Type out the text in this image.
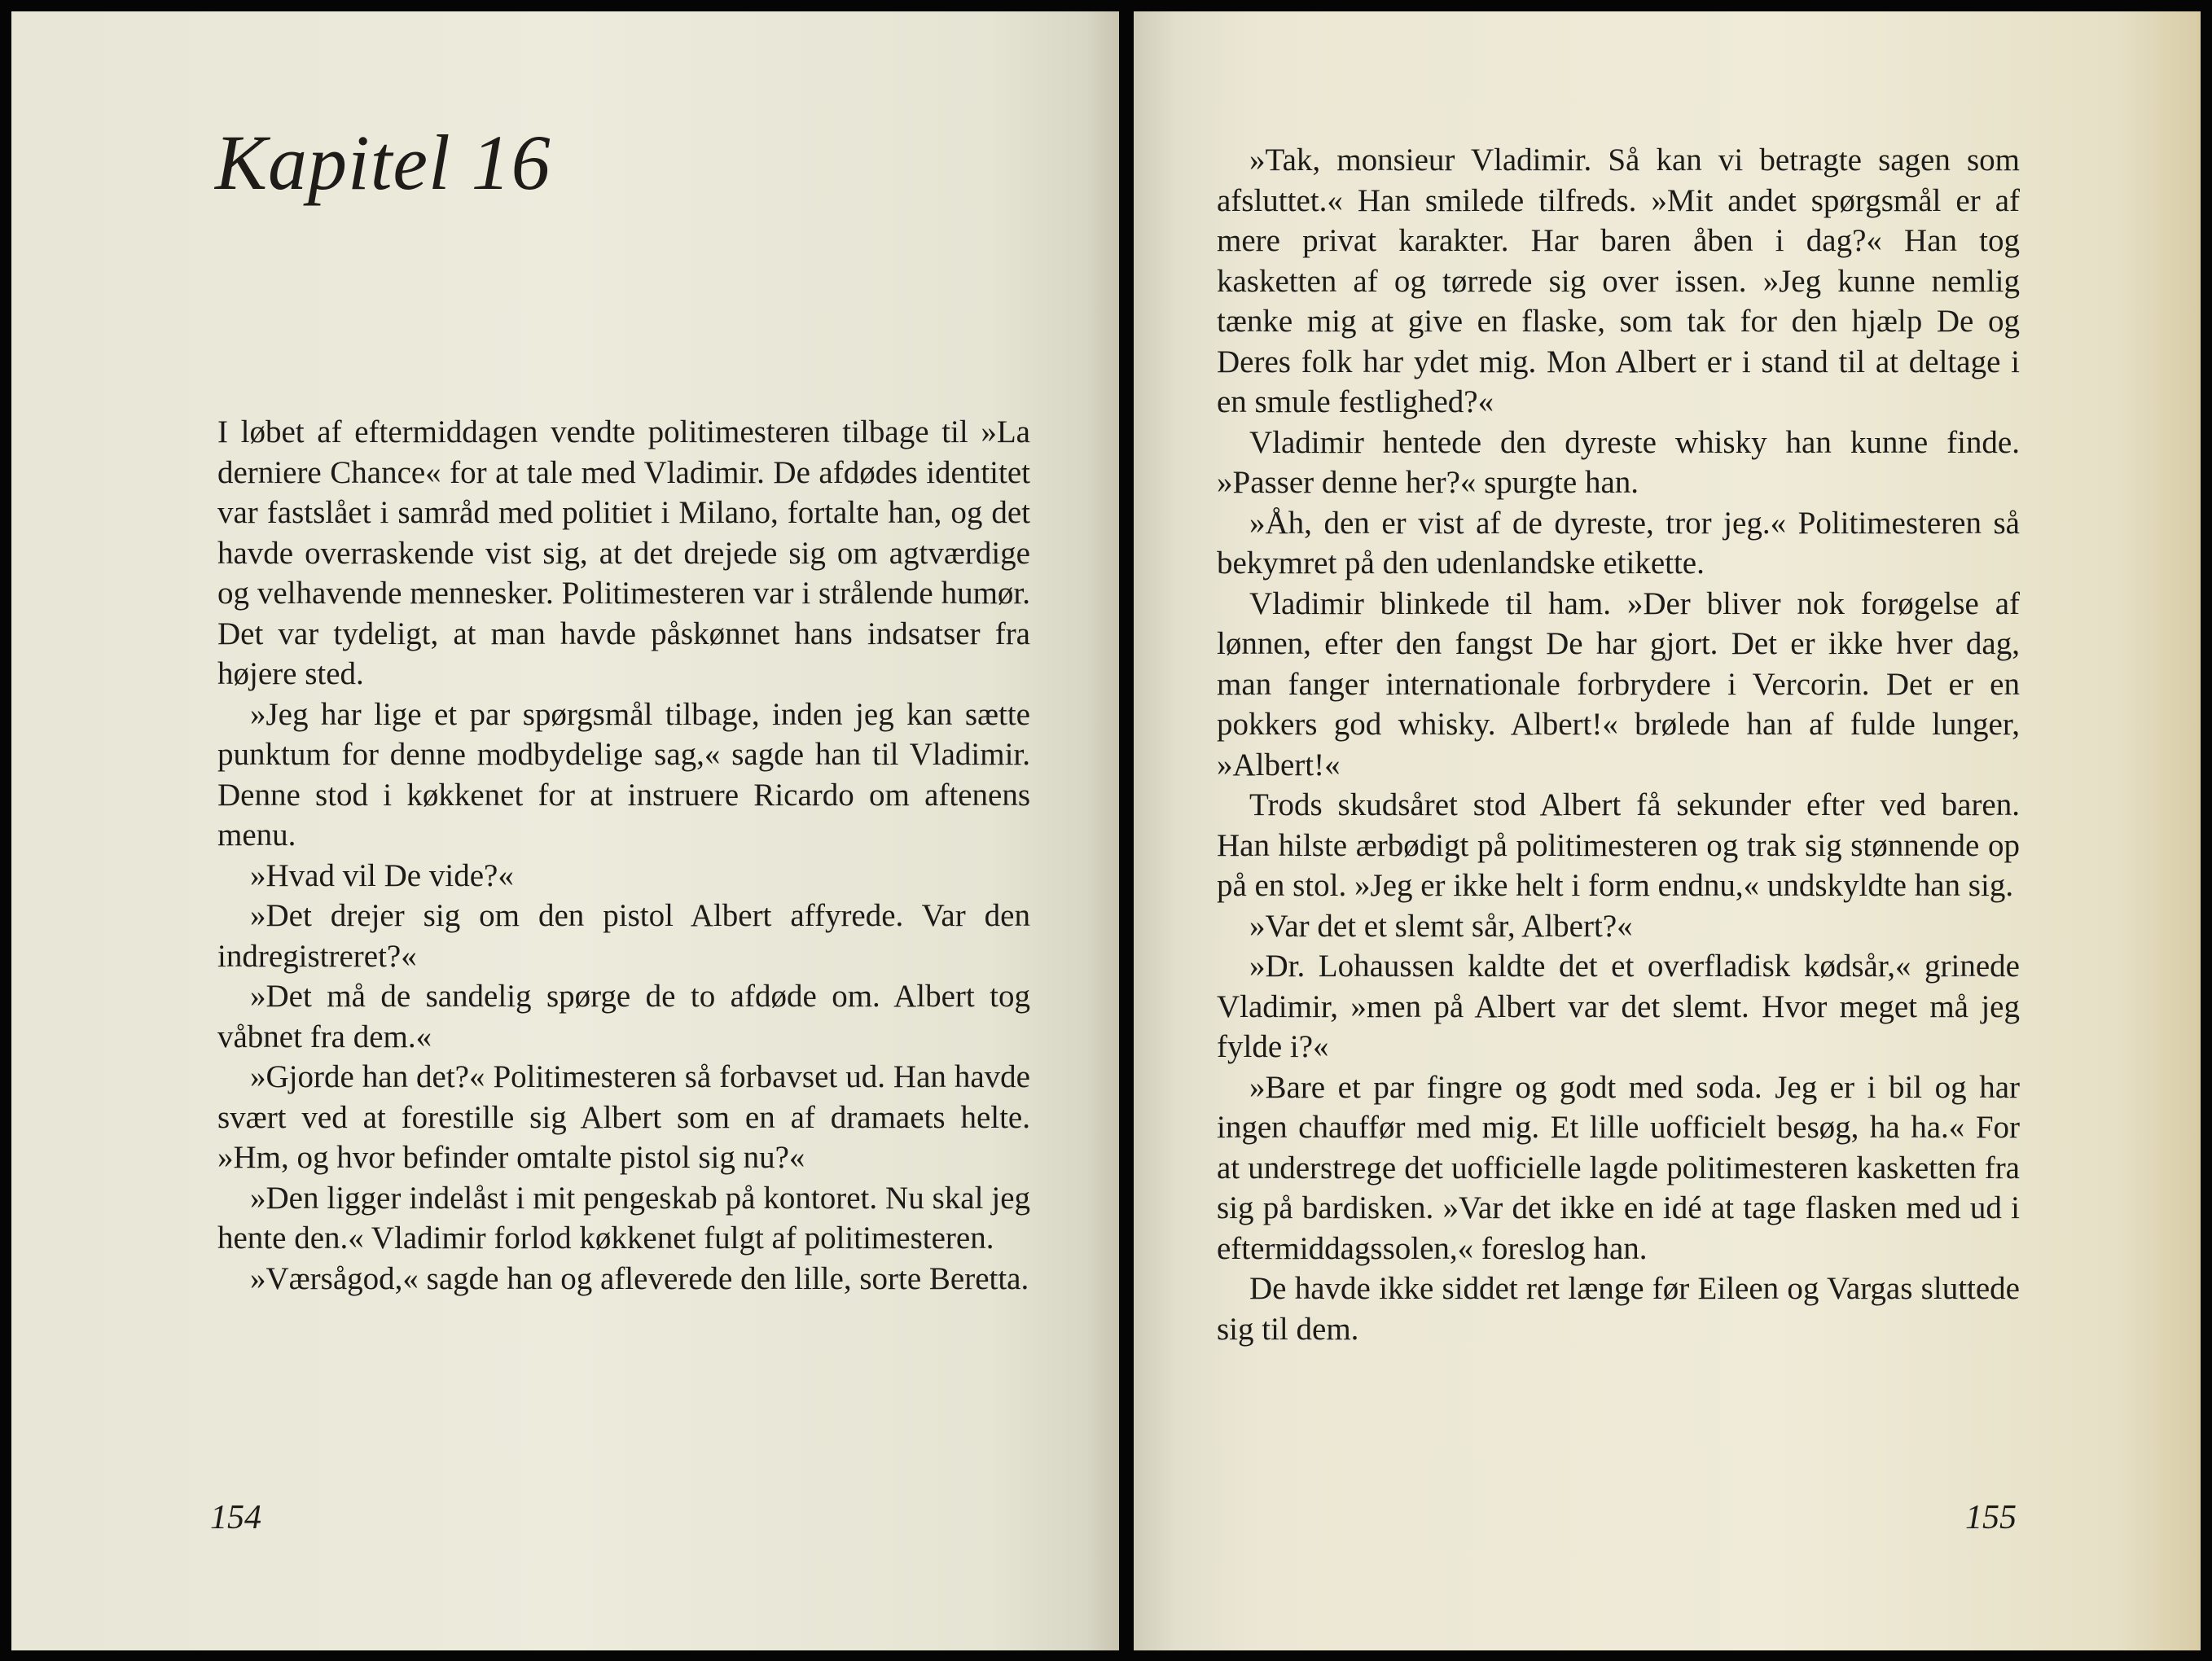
Kapitel 16

I løbet af eftermiddagen vendte politimesteren tilbage til »La derniere Chance« for at tale med Vladimir. De afdødes identitet var fastslået i samråd med politiet i Milano, fortalte han, og det havde overraskende vist sig, at det drejede sig om agtværdige og velhavende mennesker. Politimesteren var i strålende humør. Det var tydeligt, at man havde påskønnet hans indsatser fra højere sted.

»Jeg har lige et par spørgsmål tilbage, inden jeg kan sætte punktum for denne modbydelige sag,« sagde han til Vladimir. Denne stod i køkkenet for at instruere Ricardo om aftenens menu.

»Hvad vil De vide?«

»Det drejer sig om den pistol Albert affyrede. Var den indregistreret?«

»Det må de sandelig spørge de to afdøde om. Albert tog våbnet fra dem.«

»Gjorde han det?« Politimesteren så forbavset ud. Han havde svært ved at forestille sig Albert som en af dramaets helte. »Hm, og hvor befinder omtalte pistol sig nu?«

»Den ligger indelåst i mit pengeskab på kontoret. Nu skal jeg hente den.« Vladimir forlod køkkenet fulgt af politimesteren.

»Værsågod,« sagde han og afleverede den lille, sorte Beretta.

154

»Tak, monsieur Vladimir. Så kan vi betragte sagen som afsluttet.« Han smilede tilfreds. »Mit andet spørgsmål er af mere privat karakter. Har baren åben i dag?« Han tog kasketten af og tørrede sig over issen. »Jeg kunne nemlig tænke mig at give en flaske, som tak for den hjælp De og Deres folk har ydet mig. Mon Albert er i stand til at deltage i en smule festlighed?«

Vladimir hentede den dyreste whisky han kunne finde. »Passer denne her?« spurgte han.

»Åh, den er vist af de dyreste, tror jeg.« Politimesteren så bekymret på den udenlandske etikette.

Vladimir blinkede til ham. »Der bliver nok forøgelse af lønnen, efter den fangst De har gjort. Det er ikke hver dag, man fanger internationale forbrydere i Vercorin. Det er en pokkers god whisky. Albert!« brølede han af fulde lunger, »Albert!«

Trods skudsåret stod Albert få sekunder efter ved baren. Han hilste ærbødigt på politimesteren og trak sig stønnende op på en stol. »Jeg er ikke helt i form endnu,« undskyldte han sig.

»Var det et slemt sår, Albert?«

»Dr. Lohaussen kaldte det et overfladisk kødsår,« grinede Vladimir, »men på Albert var det slemt. Hvor meget må jeg fylde i?«

»Bare et par fingre og godt med soda. Jeg er i bil og har ingen chauffør med mig. Et lille uofficielt besøg, ha ha.« For at understrege det uofficielle lagde politimesteren kasketten fra sig på bardisken. »Var det ikke en idé at tage flasken med ud i eftermiddagssolen,« foreslog han.

De havde ikke siddet ret længe før Eileen og Vargas sluttede sig til dem.

155
